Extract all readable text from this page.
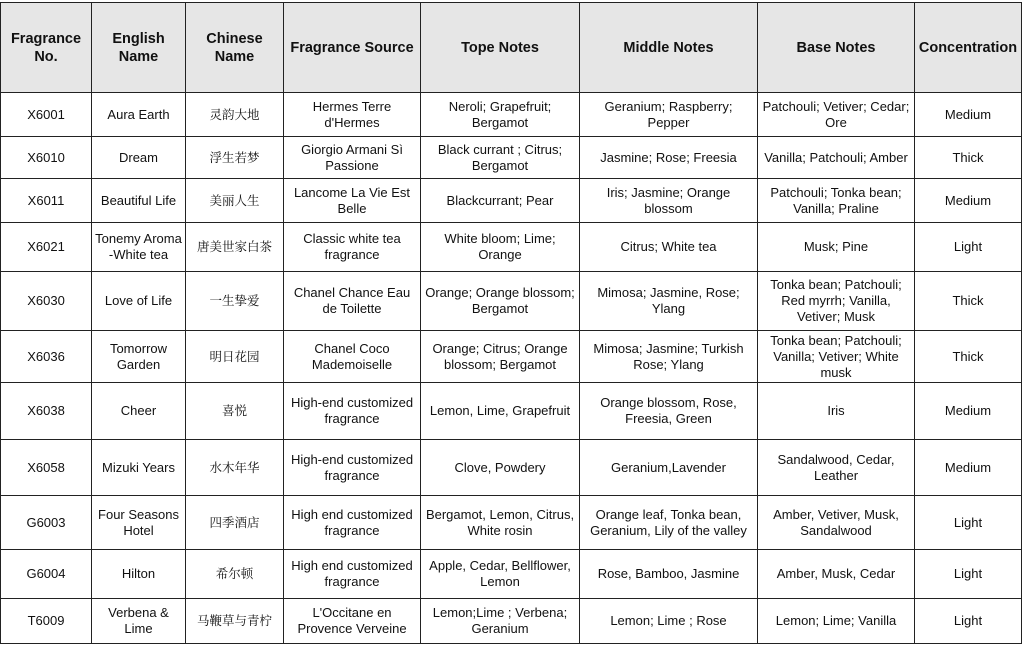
Fragrance No.	English Name	Chinese Name	Fragrance Source	Tope Notes	Middle Notes	Base Notes	Concentration
X6001	Aura Earth	灵韵大地	Hermes Terre d'Hermes	Neroli; Grapefruit; Bergamot	Geranium; Raspberry; Pepper	Patchouli; Vetiver; Cedar; Ore	Medium
X6010	Dream	浮生若梦	Giorgio Armani Sì Passione	Black currant ; Citrus; Bergamot	Jasmine; Rose; Freesia	Vanilla; Patchouli; Amber	Thick
X6011	Beautiful Life	美丽人生	Lancome La Vie Est Belle	Blackcurrant; Pear	Iris; Jasmine; Orange blossom	Patchouli; Tonka bean; Vanilla; Praline	Medium
X6021	Tonemy Aroma -White tea	唐美世家白茶	Classic white tea fragrance	White bloom; Lime; Orange	Citrus; White tea	Musk; Pine	Light
X6030	Love of Life	一生挚爱	Chanel Chance Eau de Toilette	Orange; Orange blossom; Bergamot	Mimosa; Jasmine, Rose; Ylang	Tonka bean; Patchouli; Red myrrh; Vanilla, Vetiver; Musk	Thick
X6036	Tomorrow Garden	明日花园	Chanel Coco Mademoiselle	Orange; Citrus; Orange blossom; Bergamot	Mimosa; Jasmine; Turkish Rose; Ylang	Tonka bean; Patchouli; Vanilla; Vetiver; White musk	Thick
X6038	Cheer	喜悦	High-end customized fragrance	Lemon, Lime, Grapefruit	Orange blossom, Rose, Freesia, Green	Iris	Medium
X6058	Mizuki Years	水木年华	High-end customized fragrance	Clove, Powdery	Geranium,Lavender	Sandalwood, Cedar, Leather	Medium
G6003	Four Seasons Hotel	四季酒店	High end customized fragrance	Bergamot, Lemon, Citrus, White rosin	Orange leaf, Tonka bean, Geranium, Lily of the valley	Amber, Vetiver, Musk, Sandalwood	Light
G6004	Hilton	希尔顿	High end customized fragrance	Apple, Cedar, Bellflower, Lemon	Rose, Bamboo, Jasmine	Amber, Musk, Cedar	Light
T6009	Verbena & Lime	马鞭草与青柠	L'Occitane en Provence Verveine	Lemon;Lime ; Verbena; Geranium	Lemon; Lime ; Rose	Lemon; Lime; Vanilla	Light
